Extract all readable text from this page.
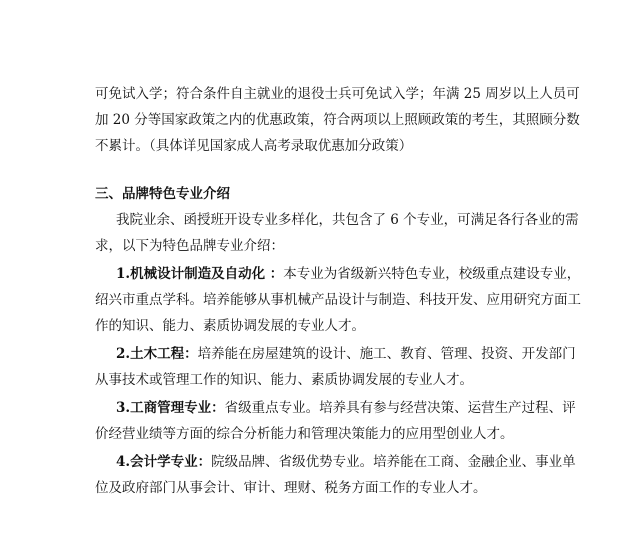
可免试入学；符合条件自主就业的退役士兵可免试入学；年满 25 周岁以上人员可
加 20 分等国家政策之内的优惠政策，符合两项以上照顾政策的考生，其照顾分数
不累计。（具体详见国家成人高考录取优惠加分政策）
三、品牌特色专业介绍
我院业余、函授班开设专业多样化，共包含了 6 个专业，可满足各行各业的需
求，以下为特色品牌专业介绍：
1.机械设计制造及自动化 ：本专业为省级新兴特色专业，校级重点建设专业，
绍兴市重点学科。培养能够从事机械产品设计与制造、科技开发、应用研究方面工
作的知识、能力、素质协调发展的专业人才。
2.土木工程：培养能在房屋建筑的设计、施工、教育、管理、投资、开发部门
从事技术或管理工作的知识、能力、素质协调发展的专业人才。
3.工商管理专业：省级重点专业。培养具有参与经营决策、运营生产过程、评
价经营业绩等方面的综合分析能力和管理决策能力的应用型创业人才。
4.会计学专业：院级品牌、省级优势专业。培养能在工商、金融企业、事业单
位及政府部门从事会计、审计、理财、税务方面工作的专业人才。
